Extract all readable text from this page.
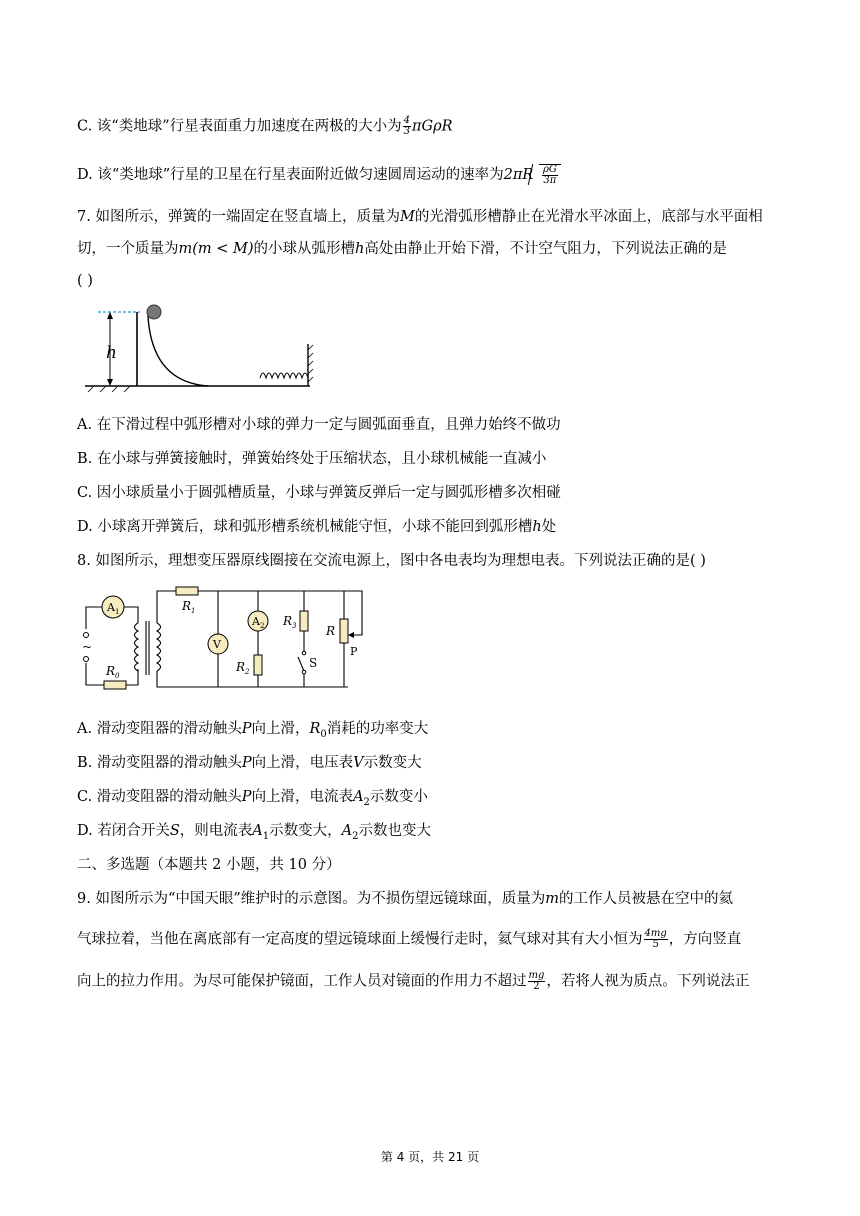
C. 该“类地球”行星表面重力加速度在两极的大小为 $\frac{4}{3}$ πGρR
D. 该“类地球”行星的卫星在行星表面附近做匀速圆周运动的速率为$2\pi R \frac{\rho G}{3\pi}$
7. 如图所示，弹簧的一端固定在竖直墙上，质量为M的光滑弧形槽静止在光滑水平冰面上，底部与水平面相切，一个质量为m(m < M)的小球从弧形槽h高处由静止开始下滑，不计空气阻力，下列说法正确的是
( )
h
A. 在下滑过程中弧形槽对小球的弹力一定与圆弧面垂直，且弹力始终不做功
B. 在小球与弹簧接触时，弹簧始终处于压缩状态，且小球机械能一直减小
C. 因小球质量小于圆弧槽质量，小球与弹簧反弹后一定与圆弧形槽多次相碰
D. 小球离开弹簧后，球和弧形槽系统机械能守恒，小球不能回到弧形槽h处
8. 如图所示，理想变压器原线圈接在交流电源上，图中各电表均为理想电表。下列说法正确的是( )
~
$A_1$
$R_0$
$R_1$
V
$A_2$
$R_2$
$R_3$
S
R
P
A. 滑动变阻器的滑动触头P向上滑，$R_0$消耗的功率变大
B. 滑动变阻器的滑动触头P向上滑，电压表V示数变大
C. 滑动变阻器的滑动触头P向上滑，电流表$A_2$示数变小
D. 若闭合开关S，则电流表$A_1$示数变大，$A_2$示数也变大
二、多选题（本题共 2 小题，共 10 分）
9. 如图所示为“中国天眼”维护时的示意图。为不损伤望远镜球面，质量为m的工作人员被悬在空中的氦
气球拉着，当他在离底部有一定高度的望远镜球面上缓慢行走时，氦气球对其有大小恒为 $\frac{4mg}{5}$ ，方向竖直
向上的拉力作用。为尽可能保护镜面，工作人员对镜面的作用力不超过 $\frac{mg}{2}$ ，若将人视为质点。下列说法正
第 4 页，共 21 页
